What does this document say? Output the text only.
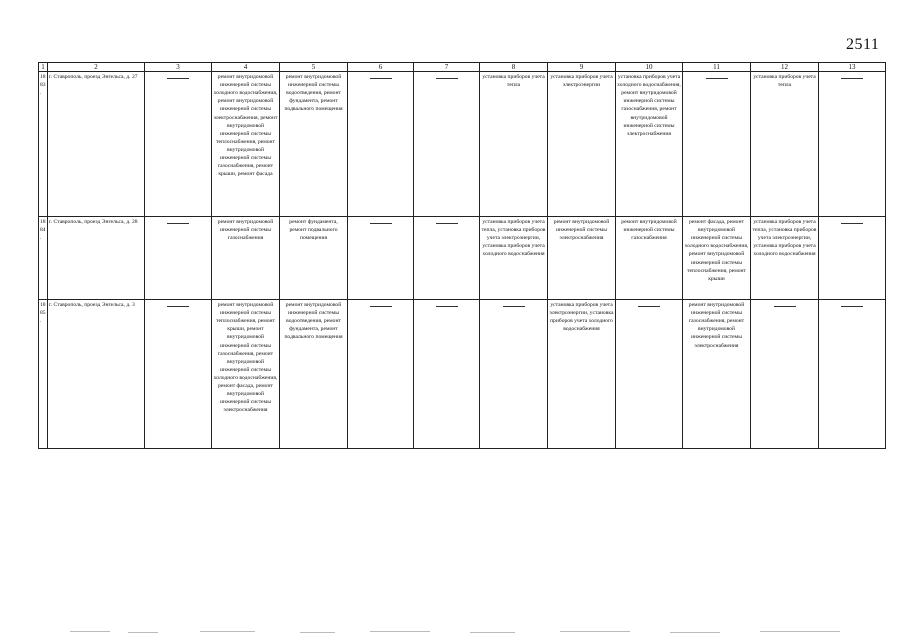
2511
1	2	3	4	5	6	7	8	9	10	11	12	13
1883.	г. Ставрополь, проезд Энгельса, д. 27		ремонт внутридомовой инженерной системы холодного водоснабжения, ремонт внутридомовой инженерной системы электроснабжения, ремонт внутридомовой инженерной системы теплоснабжения, ремонт внутридомовой инженерной системы газоснабжения, ремонт крыши, ремонт фасада	ремонт внутридомовой инженерной системы водоотведения, ремонт фундамента, ремонт подвального помещения			установка приборов учета тепла	установка приборов учета электроэнергии	установка приборов учета холодного водоснабжения, ремонт внутридомовой инженерной системы газоснабжения, ремонт внутридомовой инженерной системы электроснабжения		установка приборов учета тепла	

1884.	г. Ставрополь, проезд Энгельса, д. 28		ремонт внутридомовой инженерной системы газоснабжения	ремонт фундамента, ремонт подвального помещения			установка приборов учета тепла, установка приборов учета электроэнергии, установка приборов учета холодного водоснабжения	ремонт внутридомовой инженерной системы электроснабжения	ремонт внутридомовой инженерной системы газоснабжения	ремонт фасада, ремонт внутридомовой инженерной системы холодного водоснабжения, ремонт внутридомовой инженерной системы теплоснабжения, ремонт крыши	установка приборов учета тепла, установка приборов учета электроэнергии, установка приборов учета холодного водоснабжения	

1885.	г. Ставрополь, проезд Энгельса, д. 3		ремонт внутридомовой инженерной системы теплоснабжения, ремонт крыши, ремонт внутридомовой инженерной системы газоснабжения, ремонт внутридомовой инженерной системы холодного водоснабжения, ремонт фасада, ремонт внутридомовой инженерной системы электроснабжения	ремонт внутридомовой инженерной системы водоотведения, ремонт фундамента, ремонт подвального помещения				установка приборов учета электроэнергии, установка приборов учета холодного водоснабжения		ремонт внутридомовой инженерной системы газоснабжения, ремонт внутридомовой инженерной системы электроснабжения	
